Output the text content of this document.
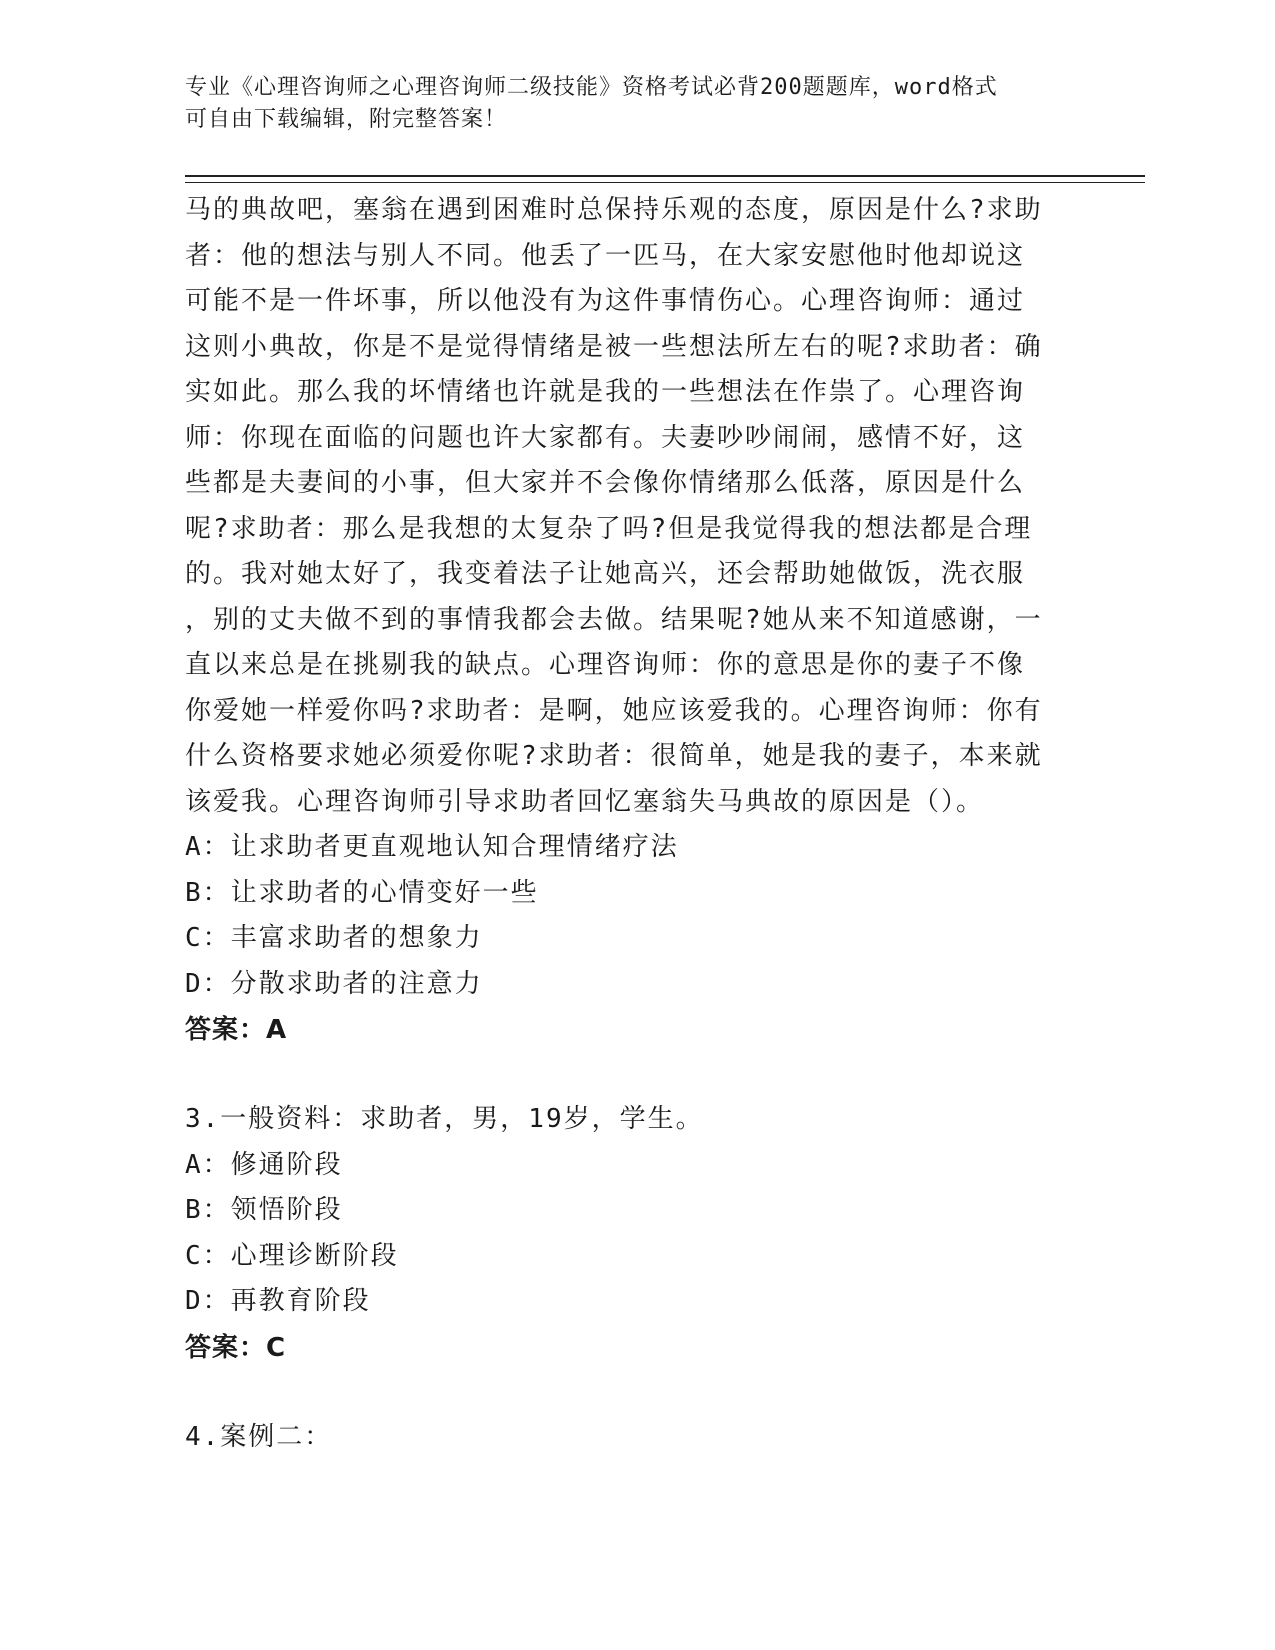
专业《心理咨询师之心理咨询师二级技能》资格考试必背200题题库，word格式
可自由下载编辑，附完整答案！
马的典故吧，塞翁在遇到困难时总保持乐观的态度，原因是什么?求助
者：他的想法与别人不同。他丢了一匹马，在大家安慰他时他却说这
可能不是一件坏事，所以他没有为这件事情伤心。心理咨询师：通过
这则小典故，你是不是觉得情绪是被一些想法所左右的呢?求助者：确
实如此。那么我的坏情绪也许就是我的一些想法在作祟了。心理咨询
师：你现在面临的问题也许大家都有。夫妻吵吵闹闹，感情不好，这
些都是夫妻间的小事，但大家并不会像你情绪那么低落，原因是什么
呢?求助者：那么是我想的太复杂了吗?但是我觉得我的想法都是合理
的。我对她太好了，我变着法子让她高兴，还会帮助她做饭，洗衣服
，别的丈夫做不到的事情我都会去做。结果呢?她从来不知道感谢，一
直以来总是在挑剔我的缺点。心理咨询师：你的意思是你的妻子不像
你爱她一样爱你吗?求助者：是啊，她应该爱我的。心理咨询师：你有
什么资格要求她必须爱你呢?求助者：很简单，她是我的妻子，本来就
该爱我。心理咨询师引导求助者回忆塞翁失马典故的原因是（）。
A：让求助者更直观地认知合理情绪疗法
B：让求助者的心情变好一些
C：丰富求助者的想象力
D：分散求助者的注意力
答案：A
3.一般资料：求助者，男，19岁，学生。
A：修通阶段
B：领悟阶段
C：心理诊断阶段
D：再教育阶段
答案：C
4.案例二：
